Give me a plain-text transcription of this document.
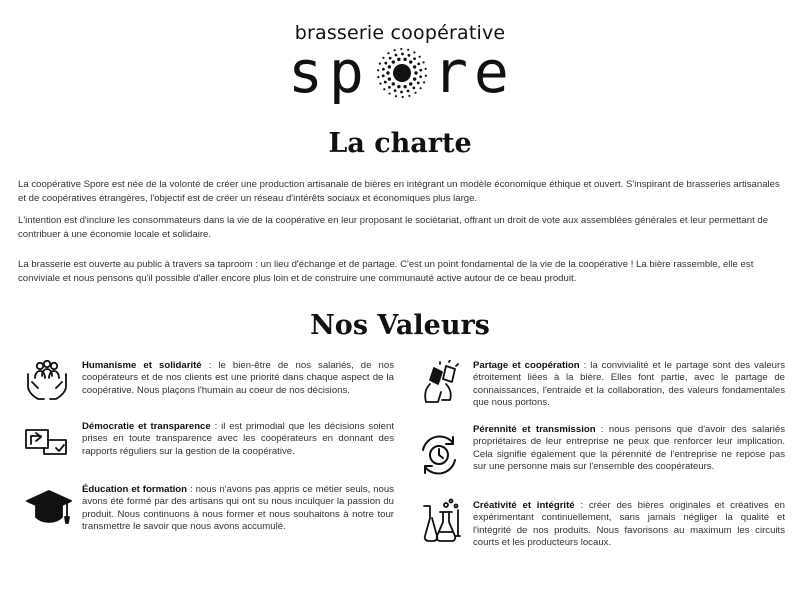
brasserie coopérative
sp re
La charte

La coopérative Spore est née de la volonté de créer une production artisanale de bières en intégrant un modèle économique éthique et ouvert. S'inspirant de brasseries artisanales et de coopératives étrangères, l'objectif est de créer un réseau d'intérêts sociaux et économiques plus large.

L'intention est d'inclure les consommateurs dans la vie de la coopérative en leur proposant le sociétariat, offrant un droit de vote aux assemblées générales et leur permettant de contribuer à une économie locale et solidaire.

La brasserie est ouverte au public à travers sa taproom : un lieu d'échange et de partage. C'est un point fondamental de la vie de la coopérative ! La bière rassemble, elle est conviviale et nous pensons qu'il possible d'aller encore plus loin et de construire une communauté active autour de ce beau produit.

Nos Valeurs

Humanisme et solidarité : le bien-être de nos salariés, de nos coopérateurs et de nos clients est une priorité dans chaque aspect de la coopérative. Nous plaçons l'humain au coeur de nos décisions.

Démocratie et transparence : il est primodial que les décisions soient prises en toute transparence avec les coopérateurs en donnant des rapports réguliers sur la gestion de la coopérative.

Éducation et formation : nous n'avons pas appris ce métier seuls, nous avons été formé par des artisans qui ont su nous inculquer la passion du produit. Nous continuons à nous former et nous souhaitons à notre tour transmettre le savoir que nous avons accumulé.

Partage et coopération : la convivialité et le partage sont des valeurs étroitement liées à la bière. Elles font partie, avec le partage de connaissances, l'entraide et la collaboration, des valeurs fondamentales que nous portons.

Pérennité et transmission : nous pensons que d'avoir des salariés propriétaires de leur entreprise ne peux que renforcer leur implication. Cela signifie également que la pérennité de l'entreprise ne repose pas sur une personne mais sur l'ensemble des coopérateurs.

Créativité et intégrité : créer des bières originales et créatives en expérimentant continuellement, sans jamais négliger la qualité et l'intégrité de nos produits. Nous favorisons au maximum les circuits courts et les producteurs locaux.
